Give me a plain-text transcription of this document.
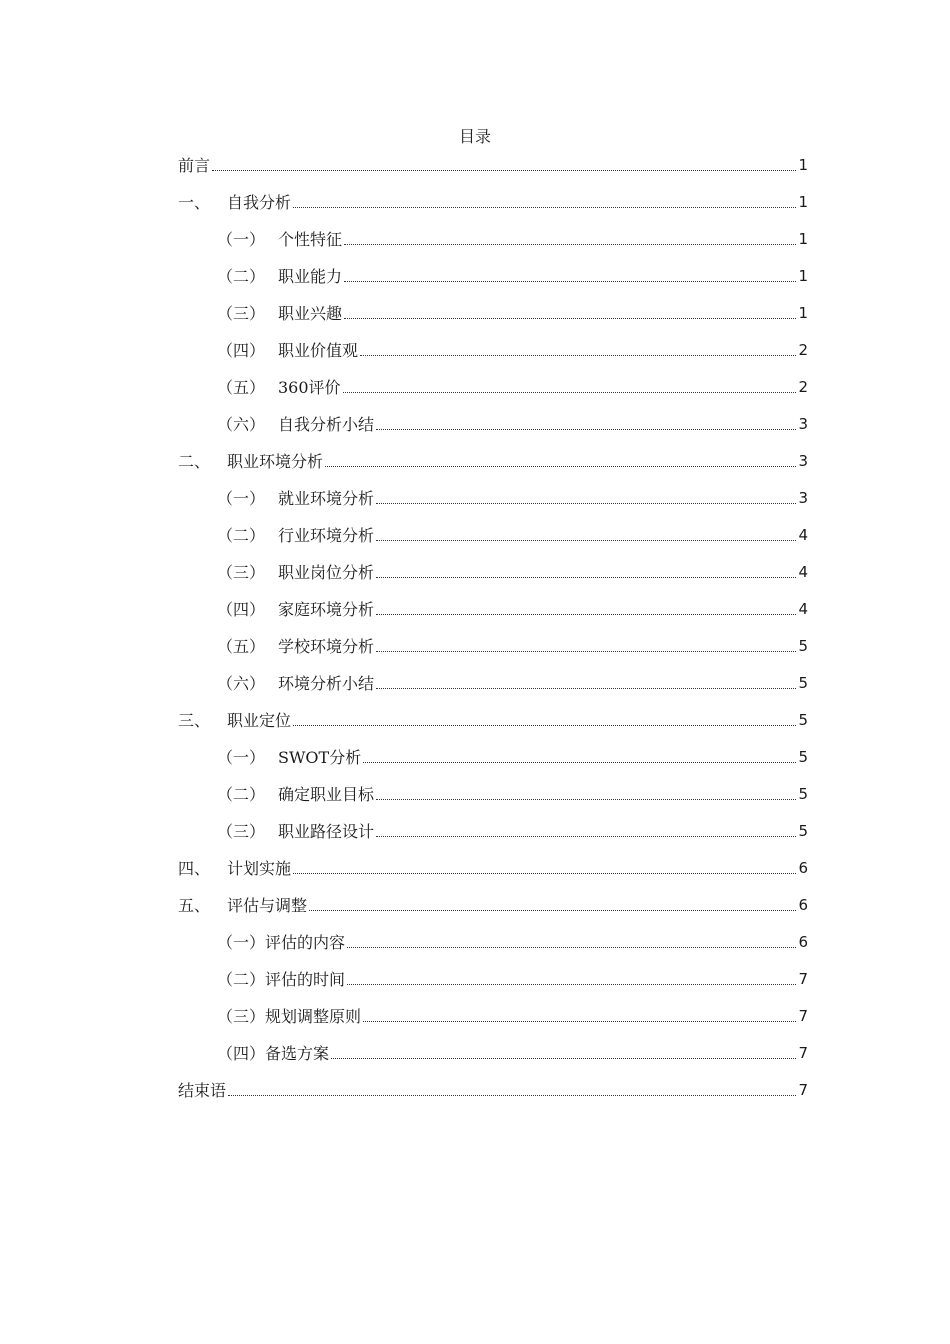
目录
前言	1
一、	自我分析	1
（一） 个性特征	1
（二） 职业能力	1
（三） 职业兴趣	1
（四） 职业价值观	2
（五） 360评价	2
（六） 自我分析小结	3
二、	职业环境分析	3
（一） 就业环境分析	3
（二） 行业环境分析	4
（三） 职业岗位分析	4
（四） 家庭环境分析	4
（五） 学校环境分析	5
（六） 环境分析小结	5
三、	职业定位	5
（一） SWOT分析	5
（二） 确定职业目标	5
（三） 职业路径设计	5
四、	计划实施	6
五、	评估与调整	6
（一） 评估的内容	6
（二） 评估的时间	7
（三） 规划调整原则	7
（四） 备选方案	7
结束语	7
